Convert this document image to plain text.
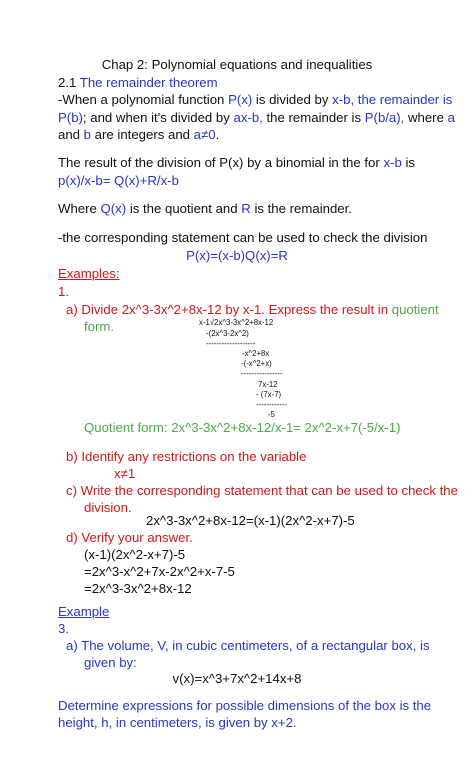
Chap 2: Polynomial equations and inequalities
2.1 The remainder theorem
-When a polynomial function P(x) is divided by x-b, the remainder is
P(b); and when it's divided by ax-b, the remainder is P(b/a), where a
and b are integers and a≠0.
The result of the division of P(x) by a binomial in the for x-b is
p(x)/x-b= Q(x)+R/x-b
Where Q(x) is the quotient and R is the remainder.
-the corresponding statement can be used to check the division
P(x)=(x-b)Q(x)=R
Examples:
1.
a) Divide 2x^3-3x^2+8x-12 by x-1. Express the result in quotient
form.	x-1√2x^3-3x^2+8x-12
-(2x^3-2x^2)
-------------------
-x^2+8x
-(-x^2+x)
----------------
7x-12
- (7x-7)
------------
-5
Quotient form: 2x^3-3x^2+8x-12/x-1= 2x^2-x+7(-5/x-1)
b) Identify any restrictions on the variable
x≠1
c) Write the corresponding statement that can be used to check the
division.
2x^3-3x^2+8x-12=(x-1)(2x^2-x+7)-5
d) Verify your answer.
(x-1)(2x^2-x+7)-5
=2x^3-x^2+7x-2x^2+x-7-5
=2x^3-3x^2+8x-12
Example
3.
a) The volume, V, in cubic centimeters, of a rectangular box, is
given by:
v(x)=x^3+7x^2+14x+8
Determine expressions for possible dimensions of the box is the
height, h, in centimeters, is given by x+2.
